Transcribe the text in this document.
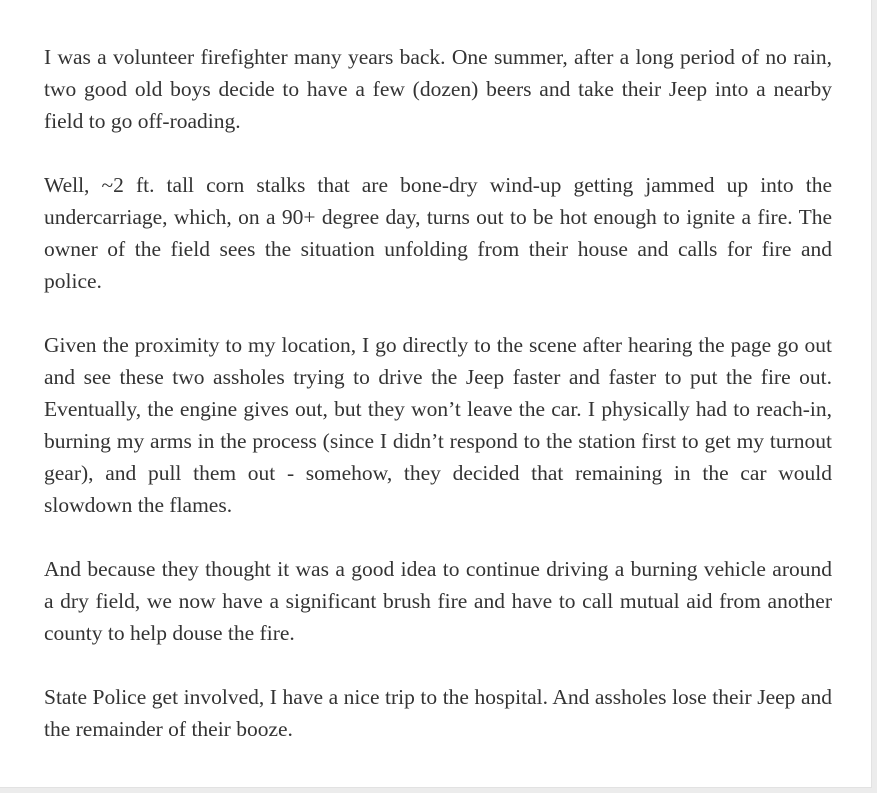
I was a volunteer firefighter many years back. One summer, after a long period of no rain, two good old boys decide to have a few (dozen) beers and take their Jeep into a nearby field to go off-roading.

Well, ~2 ft. tall corn stalks that are bone-dry wind-up getting jammed up into the undercarriage, which, on a 90+ degree day, turns out to be hot enough to ignite a fire. The owner of the field sees the situation unfolding from their house and calls for fire and police.

Given the proximity to my location, I go directly to the scene after hearing the page go out and see these two assholes trying to drive the Jeep faster and faster to put the fire out. Eventually, the engine gives out, but they won’t leave the car. I physically had to reach-in, burning my arms in the process (since I didn’t respond to the station first to get my turnout gear), and pull them out - somehow, they decided that remaining in the car would slowdown the flames.

And because they thought it was a good idea to continue driving a burning vehicle around a dry field, we now have a significant brush fire and have to call mutual aid from another county to help douse the fire.

State Police get involved, I have a nice trip to the hospital. And assholes lose their Jeep and the remainder of their booze.
